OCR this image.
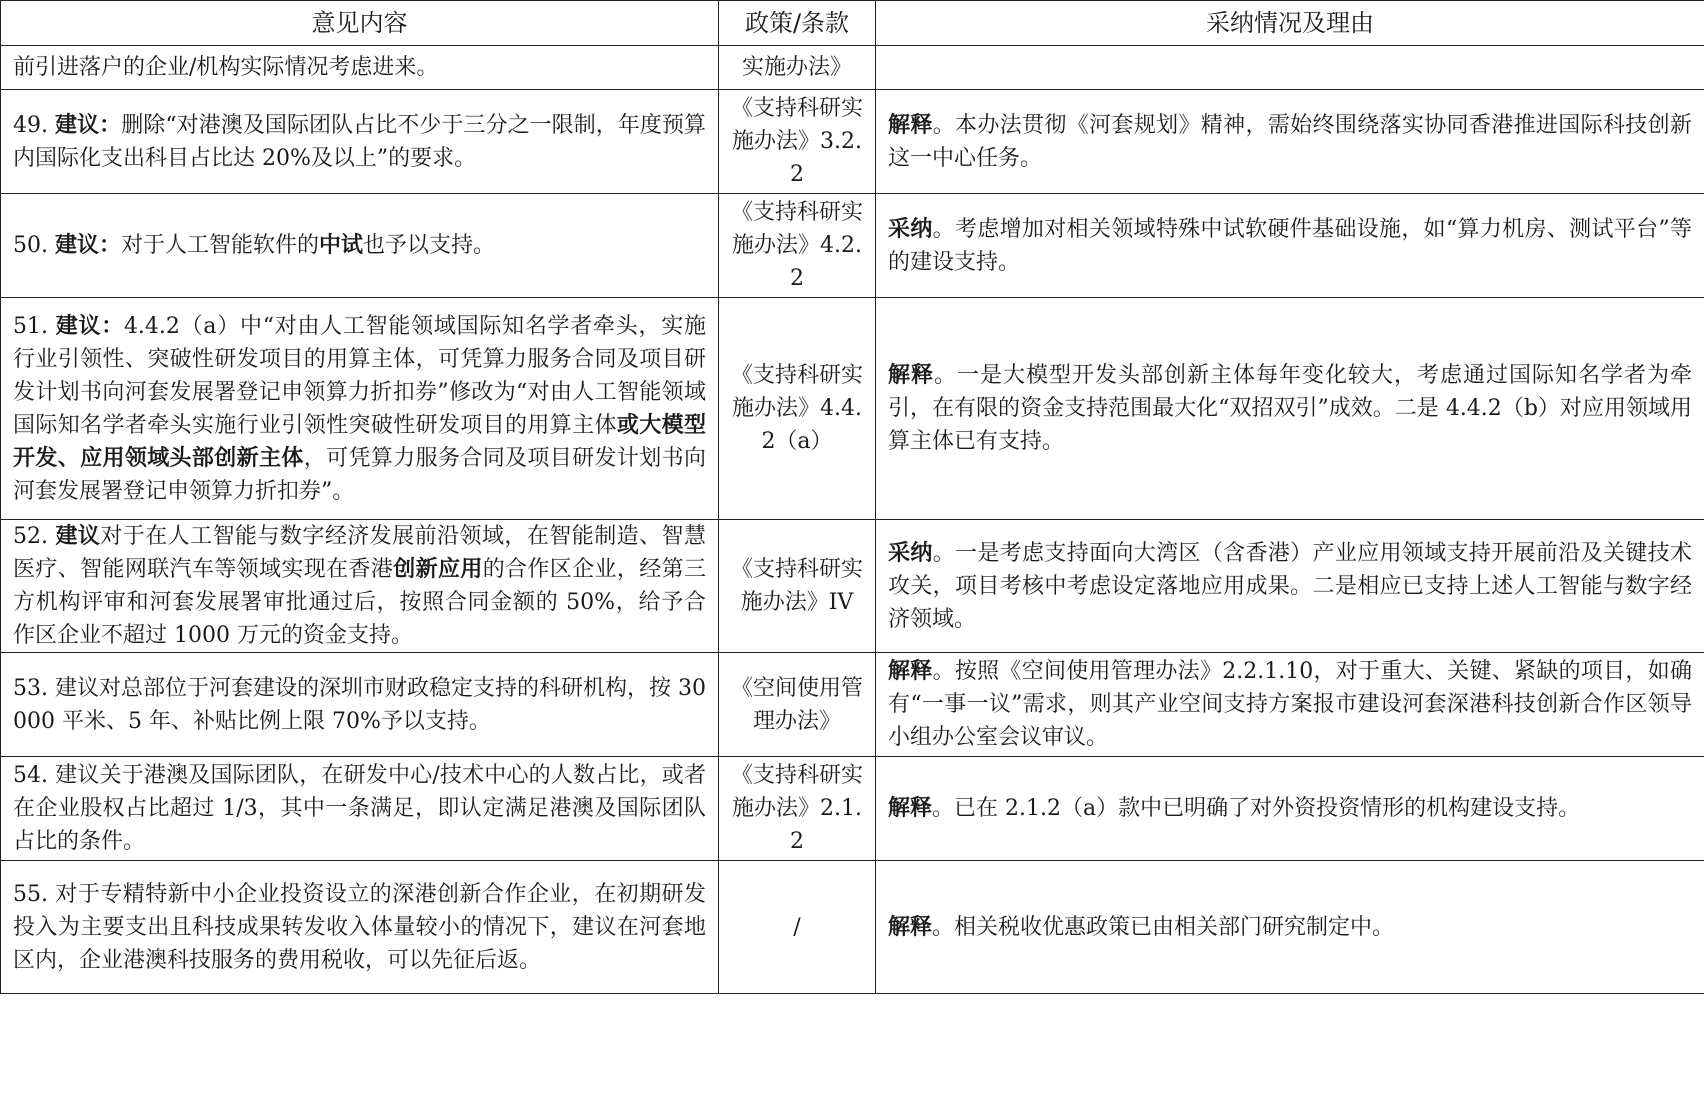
意见内容	政策/条款	采纳情况及理由
前引进落户的企业/机构实际情况考虑进来。	实施办法》	
49. 建议：删除“对港澳及国际团队占比不少于三分之一限制，年度预算内国际化支出科目占比达 20%及以上”的要求。	《支持科研实施办法》3.2.2	解释。本办法贯彻《河套规划》精神，需始终围绕落实协同香港推进国际科技创新这一中心任务。
50. 建议：对于人工智能软件的中试也予以支持。	《支持科研实施办法》4.2.2	采纳。考虑增加对相关领域特殊中试软硬件基础设施，如“算力机房、测试平台”等的建设支持。
51. 建议：4.4.2（a）中“对由人工智能领域国际知名学者牵头，实施行业引领性、突破性研发项目的用算主体，可凭算力服务合同及项目研发计划书向河套发展署登记申领算力折扣券”修改为“对由人工智能领域国际知名学者牵头实施行业引领性突破性研发项目的用算主体或大模型开发、应用领域头部创新主体，可凭算力服务合同及项目研发计划书向河套发展署登记申领算力折扣券”。	《支持科研实施办法》4.4.2（a）	解释。一是大模型开发头部创新主体每年变化较大，考虑通过国际知名学者为牵引，在有限的资金支持范围最大化“双招双引”成效。二是 4.4.2（b）对应用领域用算主体已有支持。
52. 建议对于在人工智能与数字经济发展前沿领域，在智能制造、智慧医疗、智能网联汽车等领域实现在香港创新应用的合作区企业，经第三方机构评审和河套发展署审批通过后，按照合同金额的 50%，给予合作区企业不超过 1000 万元的资金支持。	《支持科研实施办法》IV	采纳。一是考虑支持面向大湾区（含香港）产业应用领域支持开展前沿及关键技术攻关，项目考核中考虑设定落地应用成果。二是相应已支持上述人工智能与数字经济领域。
53. 建议对总部位于河套建设的深圳市财政稳定支持的科研机构，按 30000 平米、5 年、补贴比例上限 70%予以支持。	《空间使用管理办法》	解释。按照《空间使用管理办法》2.2.1.10，对于重大、关键、紧缺的项目，如确有“一事一议”需求，则其产业空间支持方案报市建设河套深港科技创新合作区领导小组办公室会议审议。
54. 建议关于港澳及国际团队，在研发中心/技术中心的人数占比，或者在企业股权占比超过 1/3，其中一条满足，即认定满足港澳及国际团队占比的条件。	《支持科研实施办法》2.1.2	解释。已在 2.1.2（a）款中已明确了对外资投资情形的机构建设支持。
55. 对于专精特新中小企业投资设立的深港创新合作企业，在初期研发投入为主要支出且科技成果转发收入体量较小的情况下，建议在河套地区内，企业港澳科技服务的费用税收，可以先征后返。	/	解释。相关税收优惠政策已由相关部门研究制定中。
